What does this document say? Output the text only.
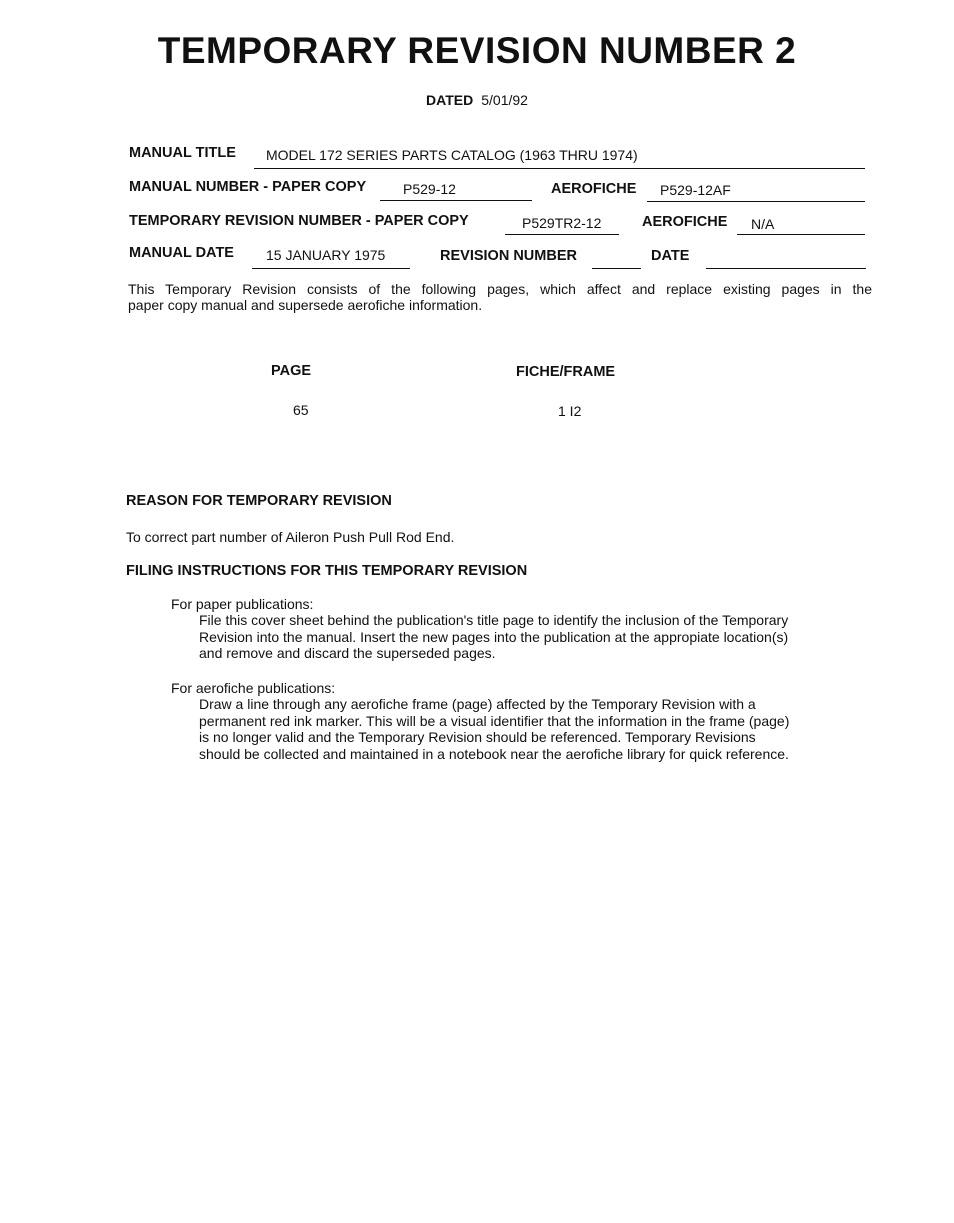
TEMPORARY REVISION NUMBER 2
DATED 5/01/92
MANUAL TITLE MODEL 172 SERIES PARTS CATALOG (1963 THRU 1974)
MANUAL NUMBER - PAPER COPY	P529-12	AEROFICHE P529-12AF
TEMPORARY REVISION NUMBER - PAPER COPY	P529TR2-12	AEROFICHE N/A
MANUAL DATE 15 JANUARY 1975	REVISION NUMBER	DATE
This Temporary Revision consists of the following pages, which affect and replace existing pages in the
paper copy manual and supersede aerofiche information.
PAGE	FICHE/FRAME
65	1 I2
REASON FOR TEMPORARY REVISION
To correct part number of Aileron Push Pull Rod End.
FILING INSTRUCTIONS FOR THIS TEMPORARY REVISION
For paper publications:
File this cover sheet behind the publication's title page to identify the inclusion of the Temporary
Revision into the manual. Insert the new pages into the publication at the appropiate location(s)
and remove and discard the superseded pages.
For aerofiche publications:
Draw a line through any aerofiche frame (page) affected by the Temporary Revision with a
permanent red ink marker. This will be a visual identifier that the information in the frame (page)
is no longer valid and the Temporary Revision should be referenced. Temporary Revisions
should be collected and maintained in a notebook near the aerofiche library for quick reference.
